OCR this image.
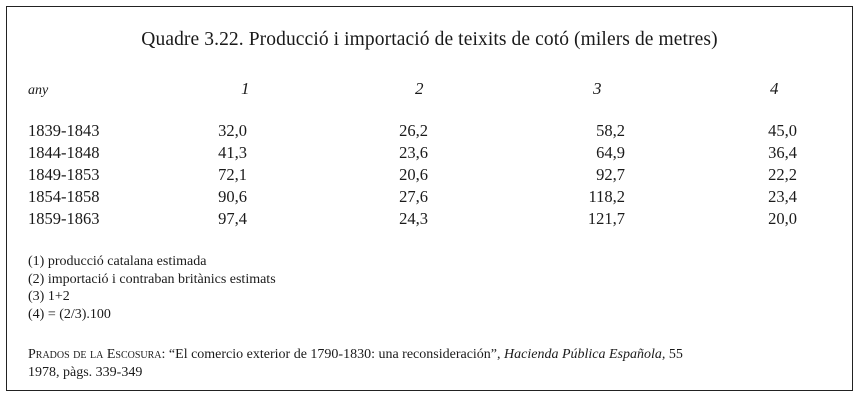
Quadre 3.22. Producció i importació de teixits de cotó (milers de metres)
any	1	2	3	4
1839-1843	32,0	26,2	58,2	45,0
1844-1848	41,3	23,6	64,9	36,4
1849-1853	72,1	20,6	92,7	22,2
1854-1858	90,6	27,6	118,2	23,4
1859-1863	97,4	24,3	121,7	20,0
(1) producció catalana estimada
(2) importació i contraban britànics estimats
(3) 1+2
(4) = (2/3).100
Prados de la Escosura: “El comercio exterior de 1790-1830: una reconsideración”, Hacienda Pública Española, 55
1978, pàgs. 339-349
